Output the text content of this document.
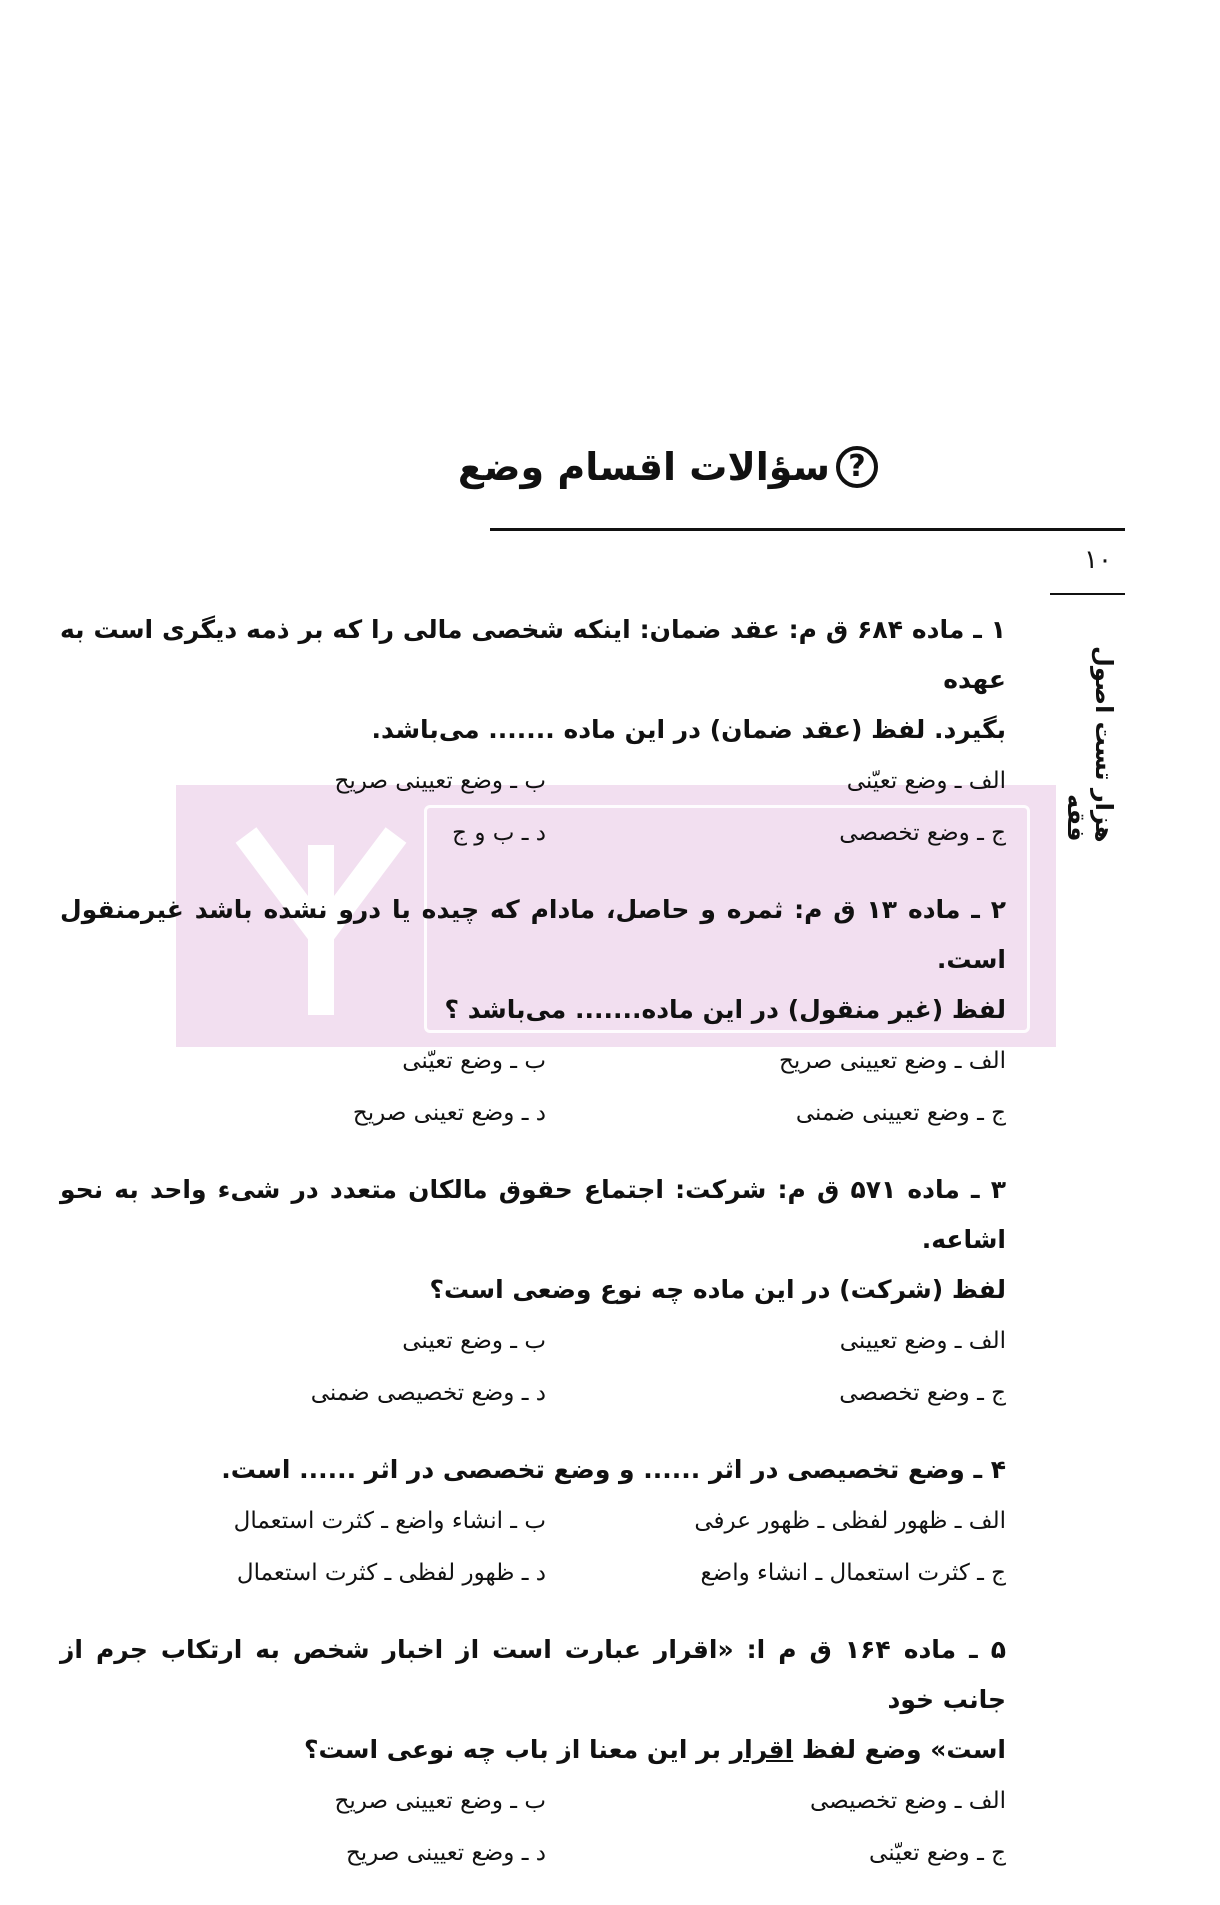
?
سؤالات اقسام وضع
۱۰
هزار تست اصول فقه
۱ ـ ماده ۶۸۴ ق م: عقد ضمان: اینکه شخصی مالی را که بر ذمه دیگری است به عهده
بگیرد. لفظ (عقد ضمان) در این ماده ....... می‌باشد.
الف ـ وضع تعیّنی
ب ـ وضع تعیینی صریح
ج ـ وضع تخصصی
د ـ ب و ج
۲ ـ ماده ۱۳ ق م: ثمره و حاصل، مادام که چیده یا درو نشده باشد غیرمنقول است.
لفظ (غیر منقول) در این ماده....... می‌باشد ؟
الف ـ وضع تعیینی صریح
ب ـ وضع تعیّنی
ج ـ وضع تعیینی ضمنی
د ـ وضع تعینی صریح
۳ ـ ماده ۵۷۱ ق م: شرکت: اجتماع حقوق مالکان متعدد در شیء واحد به نحو اشاعه.
لفظ (شرکت) در این ماده چه نوع وضعی است؟
الف ـ وضع تعیینی
ب ـ وضع تعینی
ج ـ وضع تخصصی
د ـ وضع تخصیصی ضمنی
۴ ـ وضع تخصیصی در اثر ...... و وضع تخصصی در اثر ...... است.
الف ـ ظهور لفظی ـ ظهور عرفی
ب ـ انشاء واضع ـ کثرت استعمال
ج ـ کثرت استعمال ـ انشاء واضع
د ـ ظهور لفظی ـ کثرت استعمال
۵ ـ ماده ۱۶۴ ق م ا: «اقرار عبارت است از اخبار شخص به ارتکاب جرم از جانب خود
است» وضع لفظ اقرار بر این معنا از باب چه نوعی است؟
الف ـ وضع تخصیصی
ب ـ وضع تعیینی صریح
ج ـ وضع تعیّنی
د ـ وضع تعیینی صریح
